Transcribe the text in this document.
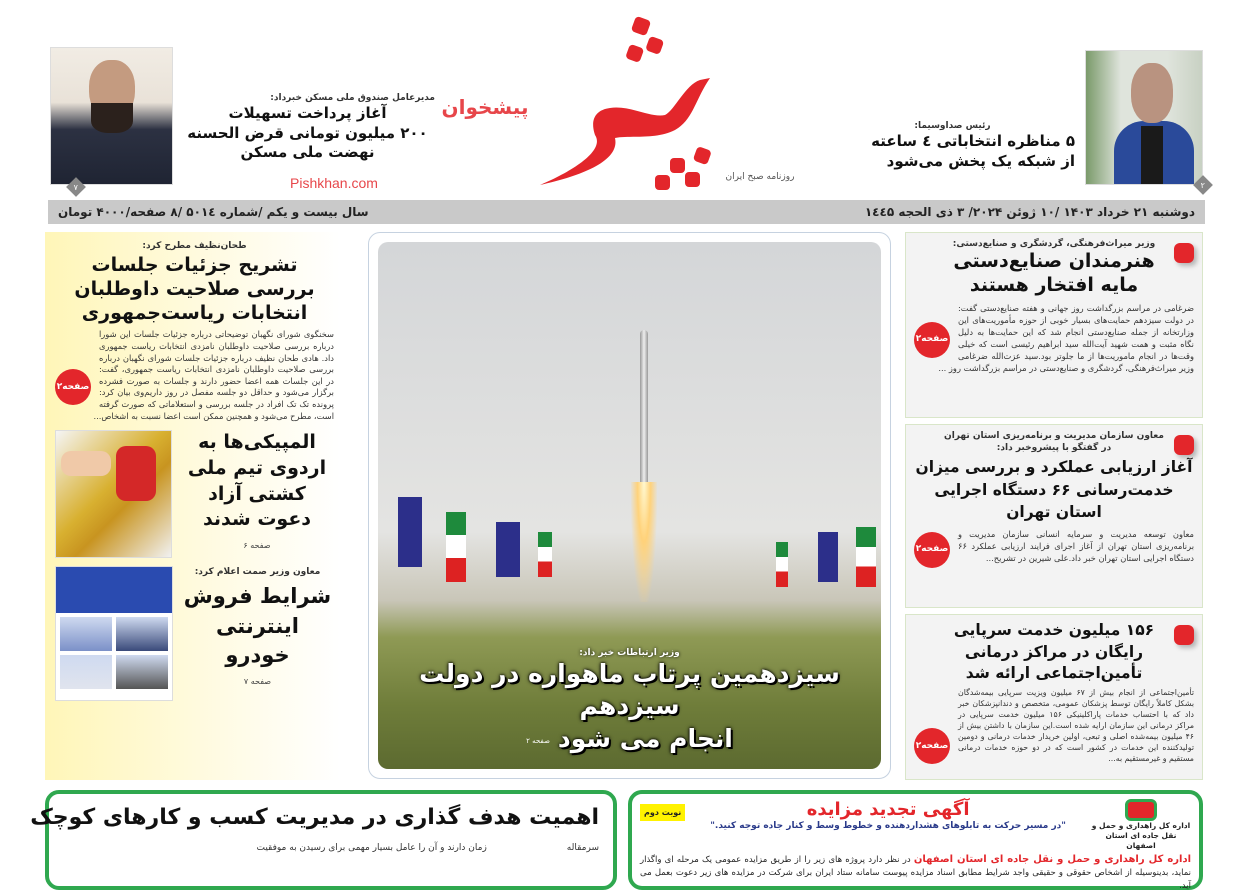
روزنامه صبح ایران
۷
مدیرعامل صندوق ملی مسکن خبرداد:
آغاز پرداخت تسهیلات
۲۰۰ میلیون تومانی قرض الحسنه
نهضت ملی مسکن
پیشخوان
Pishkhan.com	۲
رئیس صداوسیما:
۵ مناظره انتخاباتی ٤ ساعته
از شبکه یک پخش می‌شود
دوشنبه ۲۱ خرداد ۱۴۰۳ /۱۰ ژوئن ۲۰۲۴/ ۳ ذی الحجه ۱٤٤۵
سال بیست و یکم /شماره ۵۰۱٤ /۸ صفحه/۴۰۰۰ تومان
طحان‌نظیف مطرح کرد:
تشریح جزئیات جلسات بررسی صلاحیت داوطلبان انتخابات ریاست‌جمهوری
صفحه۲
سخنگوی شورای نگهبان توضیحاتی درباره جزئیات جلسات این شورا درباره بررسی صلاحیت داوطلبان نامزدی انتخابات ریاست جمهوری داد. هادی طحان نظیف درباره جزئیات جلسات شورای نگهبان درباره بررسی صلاحیت داوطلبان نامزدی انتخابات ریاست جمهوری، گفت: در این جلسات همه اعضا حضور دارند و جلسات به صورت فشرده برگزار می‌شود و حداقل دو جلسه مفصل در روز داریم‌وی بیان کرد: پرونده تک تک افراد در جلسه بررسی و استعلاماتی که صورت گرفته است، مطرح می‌شود و همچنین ممکن است اعضا نسبت به اشخاص...
المپیکی‌ها به اردوی تیم ملی کشتی آزاد دعوت شدند
صفحه ۶
معاون وزیر صمت اعلام کرد:
شرایط فروش اینترنتی خودرو
صفحه ۷
وزیر ارتباطات خبر داد:
سیزدهمین پرتاب ماهواره در دولت سیزدهم
انجام می شود
صفحه ۲
وزیر میراث‌فرهنگی، گردشگری و صنایع‌دستی:
هنرمندان صنایع‌دستی مایه افتخار هستند
صفحه۲
ضرغامی در مراسم بزرگداشت روز جهانی و هفته صنایع‌دستی گفت: در دولت سیزدهم حمایت‌های بسیار خوبی از حوزه مأموریت‌های این وزارتخانه از جمله صنایع‌دستی انجام شد که این حمایت‌ها به دلیل نگاه مثبت و همت شهید آیت‌الله سید ابراهیم رئیسی است که خیلی وقت‌ها در انجام ماموریت‌ها از ما جلوتر بود.سید عزت‌الله ضرغامی وزیر میراث‌فرهنگی، گردشگری و صنایع‌دستی در مراسم بزرگداشت روز ...
معاون سازمان مدیریت و برنامه‌ریزی استان تهران در گفتگو با پیشروخبر داد:
آغاز ارزیابی عملکرد و بررسی میزان خدمت‌رسانی ۶۶ دستگاه اجرایی استان تهران
صفحه۲
معاون توسعه مدیریت و سرمایه انسانی سازمان مدیریت و برنامه‌ریزی استان تهران از آغاز اجرای فرایند ارزیابی عملکرد ۶۶ دستگاه اجرایی استان تهران خبر داد.علی شیرین در تشریح...
۱۵۶ میلیون خدمت سرپایی رایگان در مراکز درمانی تأمین‌اجتماعی ارائه شد
صفحه۲
تأمین‌اجتماعی از انجام بیش از ۶۷ میلیون ویزیت سرپایی بیمه‌شدگان بشکل کاملاً رایگان توسط پزشکان عمومی، متخصص و دندانپزشکان خبر داد که با احتساب خدمات پاراکلینیکی ۱۵۶ میلیون خدمت سرپایی در مراکز درمانی این سازمان ارایه شده است.این سازمان با داشتن بیش از ۴۶ میلیون بیمه‌شده اصلی و تبعی، اولین خریدار خدمات درمانی و دومین تولیدکننده این خدمات در کشور است که در دو حوزه خدمات درمانی مستقیم و غیرمستقیم به...
اهمیت هدف گذاری در مدیریت کسب و کارهای کوچک
سرمقاله
زمان دارند و آن را عامل بسیار مهمی برای رسیدن به موفقیت
اداره کل راهداری و حمل و نقل جاده ای استان اصفهان
آگهی تجدید مزایده
"در مسیر حرکت به تابلوهای هشداردهنده و خطوط وسط و کنار جاده توجه کنید."
نوبت دوم
اداره کل راهداری و حمل و نقل جاده ای استان اصفهان در نظر دارد پروژه های زیر را از طریق مزایده عمومی یک مرحله ای واگذار نماید، بدینوسیله از اشخاص حقوقی و حقیقی واجد شرایط مطابق اسناد مزایده پیوست سامانه ستاد ایران برای شرکت در مزایده های زیر دعوت بعمل می آید.
